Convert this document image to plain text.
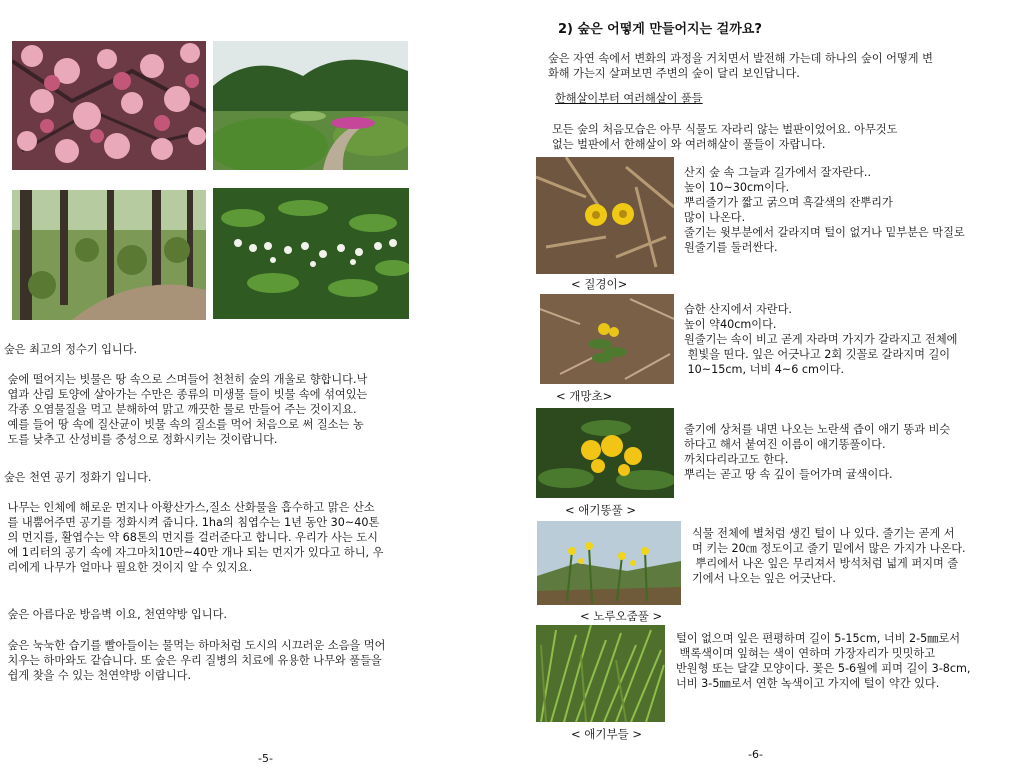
숲은 최고의 정수기 입니다.
숲에 떨어지는 빗물은 땅 속으로 스며들어 천천히 숲의 개울로 향합니다.낙
엽과 산림 토양에 살아가는 수만은 종류의 미생물 들이 빗물 속에 섞여있는
각종 오염물질을 먹고 분해하여 맑고 깨끗한 물로 만들어 주는 것이지요.
예를 들어 땅 속에 질산균이 빗물 속의 질소를 먹어 처음으로 써 질소는 농
도를 낮추고 산성비를 중성으로 정화시키는 것이랍니다.
숲은 천연 공기 정화기 입니다.
나무는 인체에 해로운 먼지나 아황산가스,질소 산화물을 흡수하고 맑은 산소
를 내뿜어주면 공기를 정화시켜 줍니다. 1ha의 침엽수는 1년 동안 30~40톤
의 먼지를, 활엽수는 약 68톤의 먼지를 걸러준다고 합니다. 우리가 사는 도시
에 1리터의 공기 속에 자그마치10만~40만 개나 되는 먼지가 있다고 하니, 우
리에게 나무가 얼마나 필요한 것이지 알 수 있지요.
숲은 아름다운 방음벽 이요, 천연약방 입니다.
숲은 눅눅한 습기를 빨아들이는 물먹는 하마처럼 도시의 시끄러운 소음을 먹어
치우는 하마와도 같습니다. 또 숲은 우리 질병의 치료에 유용한 나무와 풀들을
쉽게 찾을 수 있는 천연약방 이랍니다.
-5-
2) 숲은 어떻게 만들어지는 걸까요?
숲은 자연 속에서 변화의 과정을 거치면서 발전해 가는데 하나의 숲이 어떻게 변
화해 가는지 살펴보면 주변의 숲이 달리 보인답니다.
한해살이부터 여러해살이 풀들
모든 숲의 처음모습은 아무 식물도 자라리 않는 벌판이었어요. 아무것도
없는 벌판에서 한해살이 와 여러해살이 풀들이 자랍니다.
< 질경이>
산지 숲 속 그늘과 길가에서 잘자란다..
높이 10~30cm이다.
뿌리줄기가 짧고 굵으며 흑갈색의 잔뿌리가
많이 나온다.
줄기는 윗부분에서 갈라지며 털이 없거나 밑부분은 막질로
원줄기를 둘러싼다.
< 개망초>
습한 산지에서 자란다.
높이 약40cm이다.
원줄기는 속이 비고 곧게 자라며 가지가 갈라지고 전체에
흰빛을 띤다. 잎은 어긋나고 2회 깃꼴로 갈라지며 길이
10~15cm, 너비 4~6 cm이다.
< 애기똥풀 >
줄기에 상처를 내면 나오는 노란색 즙이 애기 똥과 비슷
하다고 해서 붙여진 이름이 애기똥풀이다.
까치다리라고도 한다.
뿌리는 곧고 땅 속 깊이 들어가며 귤색이다.
< 노루오줌풀 >
식물 전체에 별처럼 생긴 털이 나 있다. 줄기는 곧게 서
며 키는 20㎝ 정도이고 줄기 밑에서 많은 가지가 나온다.
뿌리에서 나온 잎은 무리져서 방석처럼 넓게 퍼지며 줄
기에서 나오는 잎은 어긋난다.
< 애기부들 >
털이 없으며 잎은 편평하며 길이 5-15cm, 너비 2-5㎜로서
백록색이며 잎혀는 색이 연하며 가장자리가 밋밋하고
반원형 또는 달걀 모양이다. 꽃은 5-6월에 피며 길이 3-8cm,
너비 3-5㎜로서 연한 녹색이고 가지에 털이 약간 있다.
-6-
